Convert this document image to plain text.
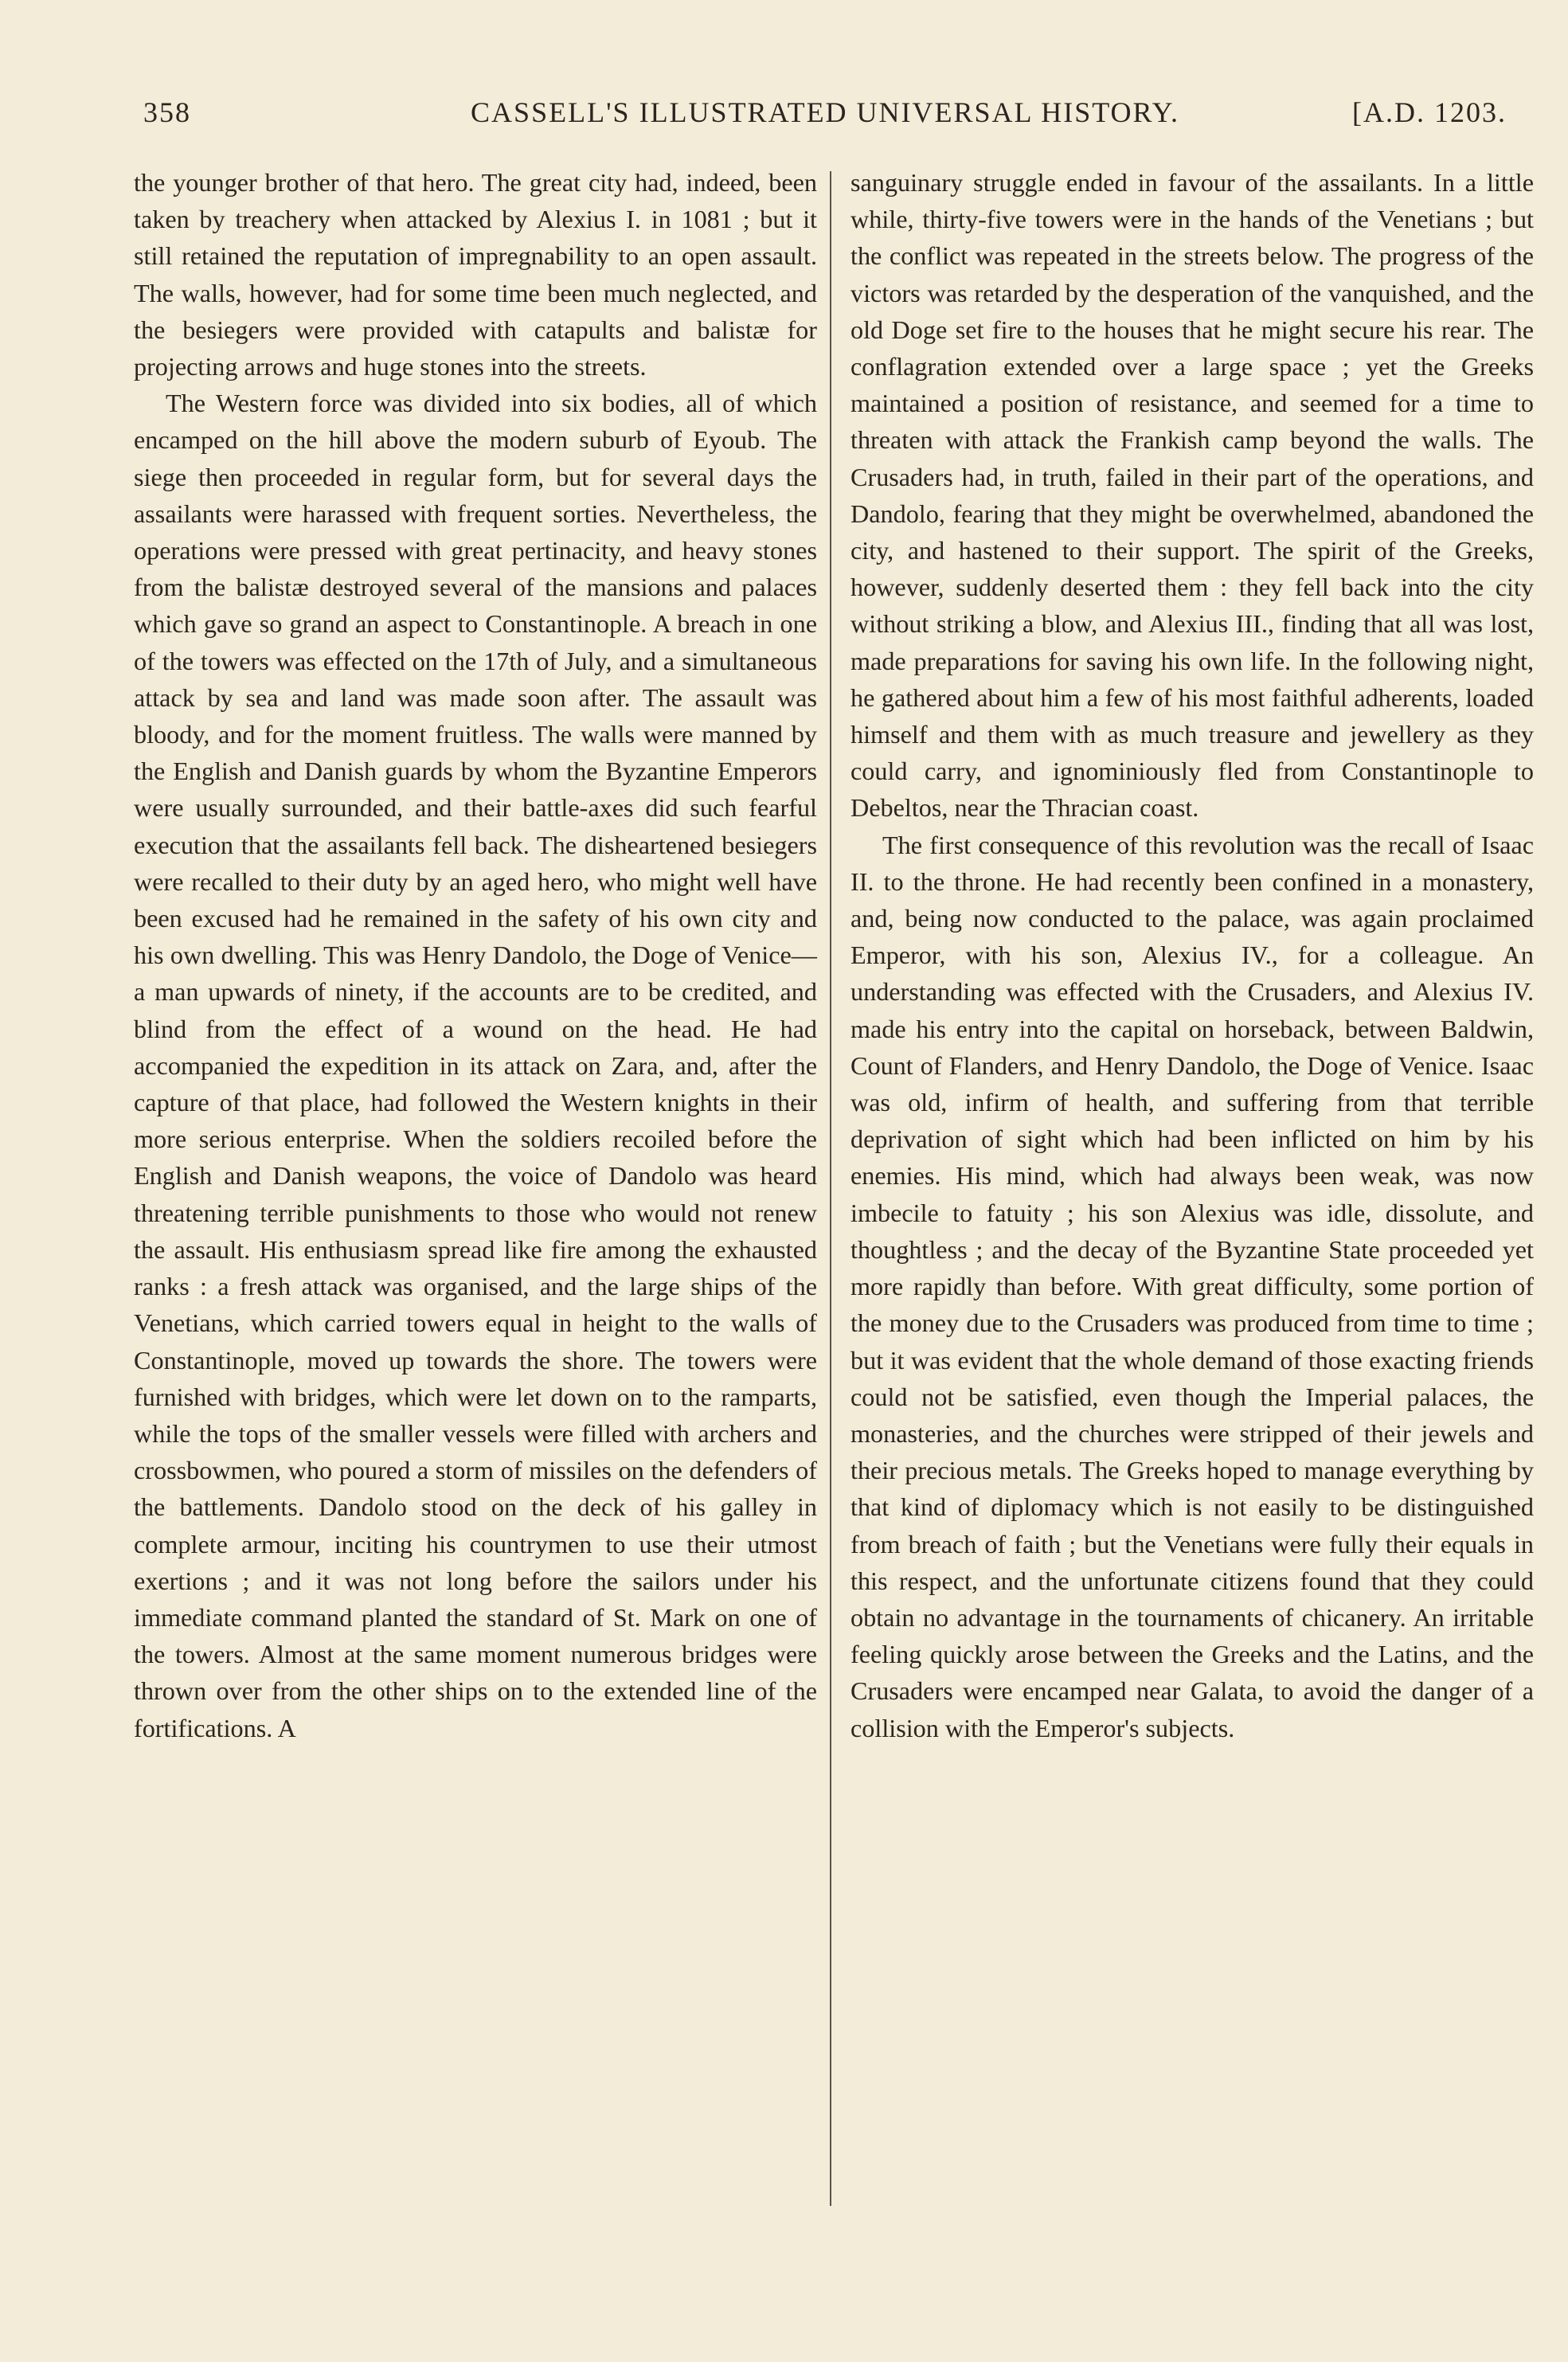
358	CASSELL'S ILLUSTRATED UNIVERSAL HISTORY.	[A.D. 1203.

the younger brother of that hero. The great city had, indeed, been taken by treachery when attacked by Alexius I. in 1081 ; but it still retained the reputation of impregnability to an open assault. The walls, however, had for some time been much neglected, and the besiegers were provided with catapults and balistæ for projecting arrows and huge stones into the streets.

The Western force was divided into six bodies, all of which encamped on the hill above the modern suburb of Eyoub. The siege then proceeded in regular form, but for several days the assailants were harassed with frequent sorties. Nevertheless, the operations were pressed with great pertinacity, and heavy stones from the balistæ destroyed several of the mansions and palaces which gave so grand an aspect to Constantinople. A breach in one of the towers was effected on the 17th of July, and a simultaneous attack by sea and land was made soon after. The assault was bloody, and for the moment fruitless. The walls were manned by the English and Danish guards by whom the Byzantine Emperors were usually surrounded, and their battle-axes did such fearful execution that the assailants fell back. The disheartened besiegers were recalled to their duty by an aged hero, who might well have been excused had he remained in the safety of his own city and his own dwelling. This was Henry Dandolo, the Doge of Venice—a man upwards of ninety, if the accounts are to be credited, and blind from the effect of a wound on the head. He had accompanied the expedition in its attack on Zara, and, after the capture of that place, had followed the Western knights in their more serious enterprise. When the soldiers recoiled before the English and Danish weapons, the voice of Dandolo was heard threatening terrible punishments to those who would not renew the assault. His enthusiasm spread like fire among the exhausted ranks : a fresh attack was organised, and the large ships of the Venetians, which carried towers equal in height to the walls of Constantinople, moved up towards the shore. The towers were furnished with bridges, which were let down on to the ramparts, while the tops of the smaller vessels were filled with archers and crossbowmen, who poured a storm of missiles on the defenders of the battlements. Dandolo stood on the deck of his galley in complete armour, inciting his countrymen to use their utmost exertions ; and it was not long before the sailors under his immediate command planted the standard of St. Mark on one of the towers. Almost at the same moment numerous bridges were thrown over from the other ships on to the extended line of the fortifications. A

sanguinary struggle ended in favour of the assailants. In a little while, thirty-five towers were in the hands of the Venetians ; but the conflict was repeated in the streets below. The progress of the victors was retarded by the desperation of the vanquished, and the old Doge set fire to the houses that he might secure his rear. The conflagration extended over a large space ; yet the Greeks maintained a position of resistance, and seemed for a time to threaten with attack the Frankish camp beyond the walls. The Crusaders had, in truth, failed in their part of the operations, and Dandolo, fearing that they might be overwhelmed, abandoned the city, and hastened to their support. The spirit of the Greeks, however, suddenly deserted them : they fell back into the city without striking a blow, and Alexius III., finding that all was lost, made preparations for saving his own life. In the following night, he gathered about him a few of his most faithful adherents, loaded himself and them with as much treasure and jewellery as they could carry, and ignominiously fled from Constantinople to Debeltos, near the Thracian coast.

The first consequence of this revolution was the recall of Isaac II. to the throne. He had recently been confined in a monastery, and, being now conducted to the palace, was again proclaimed Emperor, with his son, Alexius IV., for a colleague. An understanding was effected with the Crusaders, and Alexius IV. made his entry into the capital on horseback, between Baldwin, Count of Flanders, and Henry Dandolo, the Doge of Venice. Isaac was old, infirm of health, and suffering from that terrible deprivation of sight which had been inflicted on him by his enemies. His mind, which had always been weak, was now imbecile to fatuity ; his son Alexius was idle, dissolute, and thoughtless ; and the decay of the Byzantine State proceeded yet more rapidly than before. With great difficulty, some portion of the money due to the Crusaders was produced from time to time ; but it was evident that the whole demand of those exacting friends could not be satisfied, even though the Imperial palaces, the monasteries, and the churches were stripped of their jewels and their precious metals. The Greeks hoped to manage everything by that kind of diplomacy which is not easily to be distinguished from breach of faith ; but the Venetians were fully their equals in this respect, and the unfortunate citizens found that they could obtain no advantage in the tournaments of chicanery. An irritable feeling quickly arose between the Greeks and the Latins, and the Crusaders were encamped near Galata, to avoid the danger of a collision with the Emperor's subjects.
